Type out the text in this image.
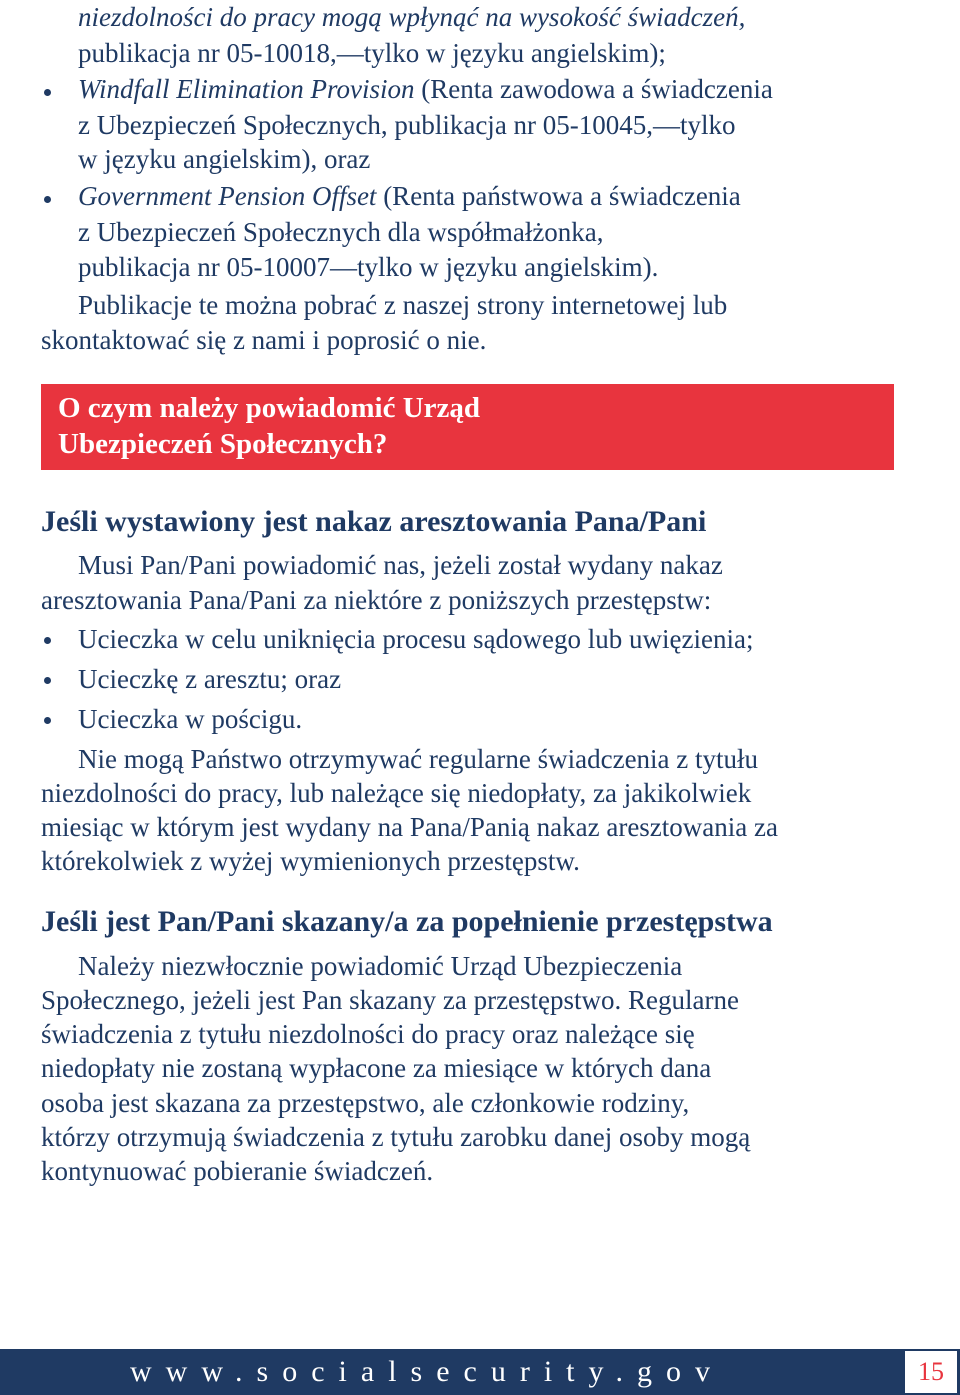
niezdolności do pracy mogą wpłynąć na wysokość świadczeń,
publikacja nr 05-10018,—tylko w języku angielskim);
Windfall Elimination Provision (Renta zawodowa a świadczenia
z Ubezpieczeń Społecznych, publikacja nr 05-10045,—tylko
w języku angielskim), oraz
Government Pension Offset (Renta państwowa a świadczenia
z Ubezpieczeń Społecznych dla współmałżonka,
publikacja nr 05-10007—tylko w języku angielskim).
Publikacje te można pobrać z naszej strony internetowej lub
skontaktować się z nami i poprosić o nie.
O czym należy powiadomić Urząd
Ubezpieczeń Społecznych?
Jeśli wystawiony jest nakaz aresztowania Pana/Pani
Musi Pan/Pani powiadomić nas, jeżeli został wydany nakaz
aresztowania Pana/Pani za niektóre z poniższych przestępstw:
Ucieczka w celu uniknięcia procesu sądowego lub uwięzienia;
Ucieczkę z aresztu; oraz
Ucieczka w pościgu.
Nie mogą Państwo otrzymywać regularne świadczenia z tytułu
niezdolności do pracy, lub należące się niedopłaty, za jakikolwiek
miesiąc w którym jest wydany na Pana/Panią nakaz aresztowania za
którekolwiek z wyżej wymienionych przestępstw.
Jeśli jest Pan/Pani skazany/a za popełnienie przestępstwa
Należy niezwłocznie powiadomić Urząd Ubezpieczenia
Społecznego, jeżeli jest Pan skazany za przestępstwo. Regularne
świadczenia z tytułu niezdolności do pracy oraz należące się
niedopłaty nie zostaną wypłacone za miesiące w których dana
osoba jest skazana za przestępstwo, ale członkowie rodziny,
którzy otrzymują świadczenia z tytułu zarobku danej osoby mogą
kontynuować pobieranie świadczeń.
www.socialsecurity.gov	15
